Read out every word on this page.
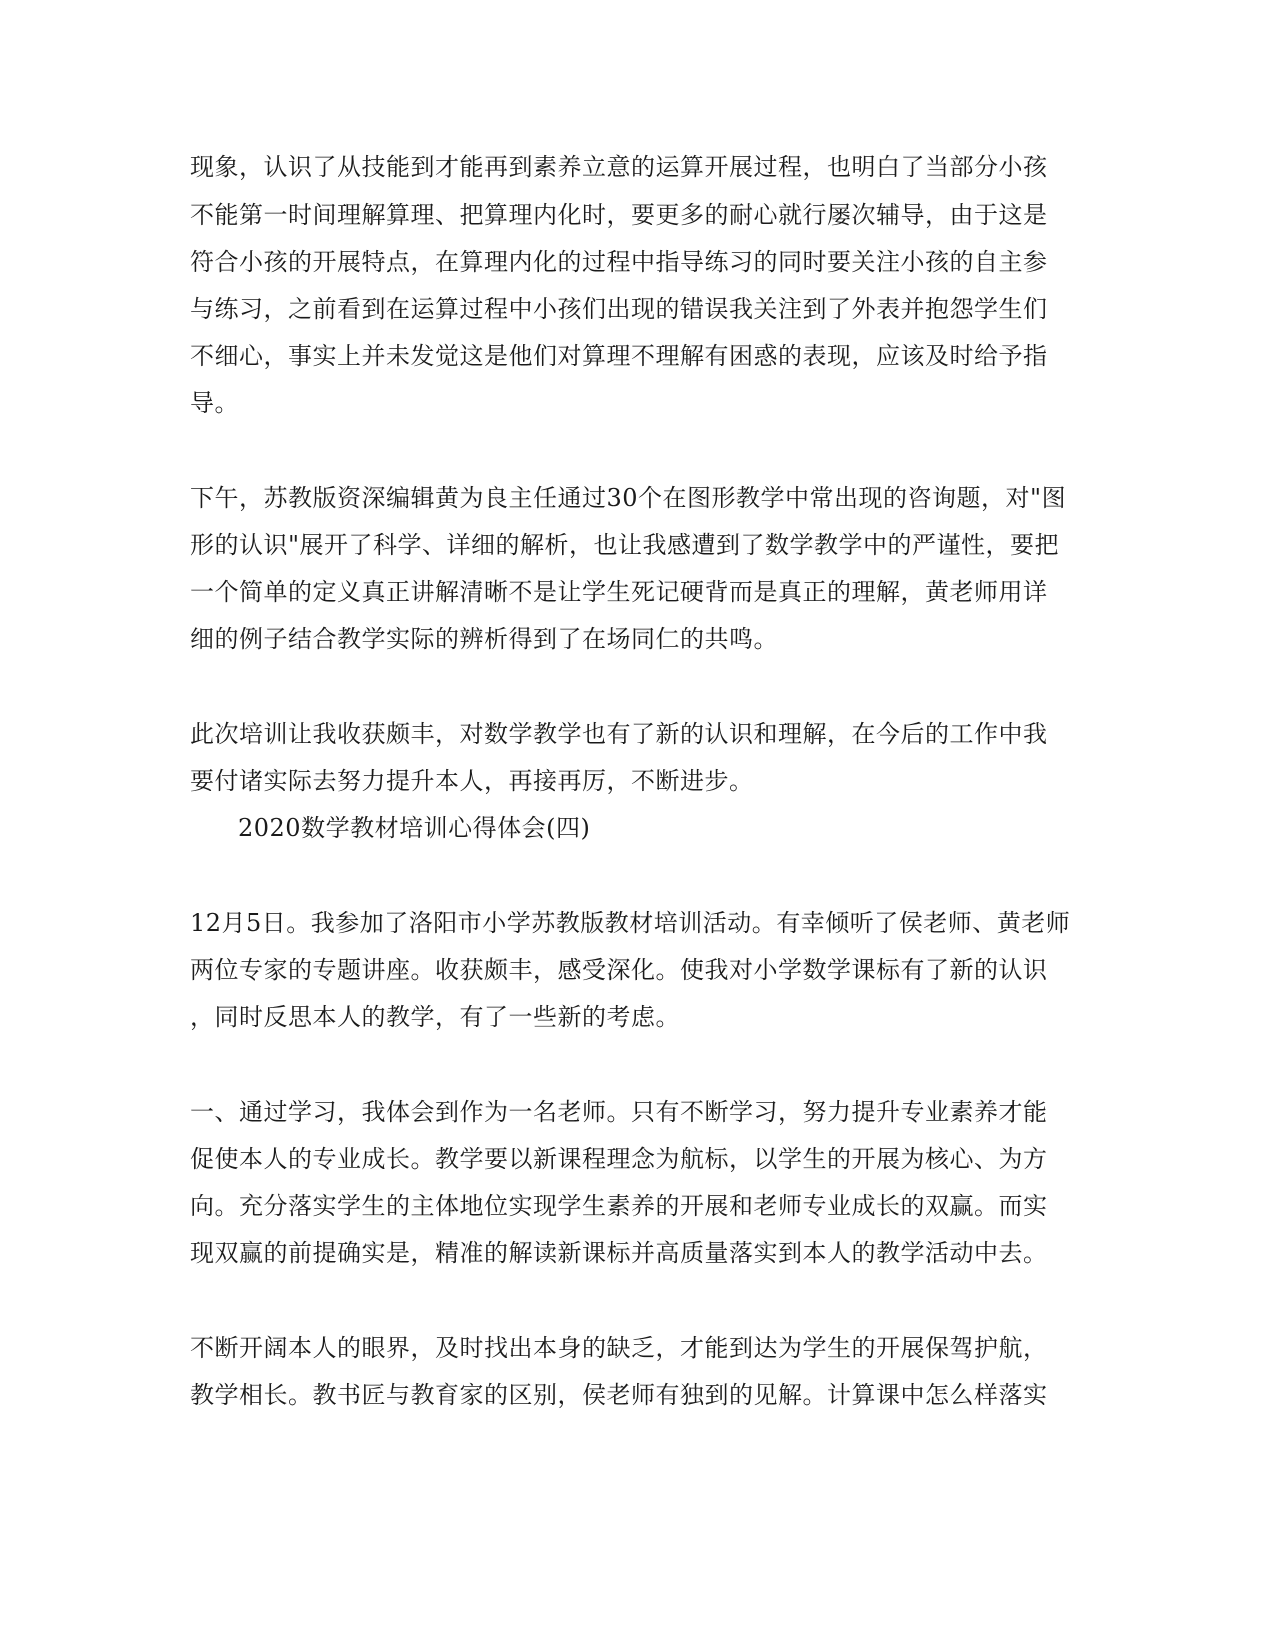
现象，认识了从技能到才能再到素养立意的运算开展过程，也明白了当部分小孩
不能第一时间理解算理、把算理内化时，要更多的耐心就行屡次辅导，由于这是
符合小孩的开展特点，在算理内化的过程中指导练习的同时要关注小孩的自主参
与练习，之前看到在运算过程中小孩们出现的错误我关注到了外表并抱怨学生们
不细心，事实上并未发觉这是他们对算理不理解有困惑的表现，应该及时给予指
导。
下午，苏教版资深编辑黄为良主任通过30个在图形教学中常出现的咨询题，对"图
形的认识"展开了科学、详细的解析，也让我感遭到了数学教学中的严谨性，要把
一个简单的定义真正讲解清晰不是让学生死记硬背而是真正的理解，黄老师用详
细的例子结合教学实际的辨析得到了在场同仁的共鸣。
此次培训让我收获颇丰，对数学教学也有了新的认识和理解，在今后的工作中我
要付诸实际去努力提升本人，再接再厉，不断进步。
2020数学教材培训心得体会(四)
12月5日。我参加了洛阳市小学苏教版教材培训活动。有幸倾听了侯老师、黄老师
两位专家的专题讲座。收获颇丰，感受深化。使我对小学数学课标有了新的认识
，同时反思本人的教学，有了一些新的考虑。
一、通过学习，我体会到作为一名老师。只有不断学习，努力提升专业素养才能
促使本人的专业成长。教学要以新课程理念为航标，以学生的开展为核心、为方
向。充分落实学生的主体地位实现学生素养的开展和老师专业成长的双赢。而实
现双赢的前提确实是，精准的解读新课标并高质量落实到本人的教学活动中去。
不断开阔本人的眼界，及时找出本身的缺乏，才能到达为学生的开展保驾护航，
教学相长。教书匠与教育家的区别，侯老师有独到的见解。计算课中怎么样落实
